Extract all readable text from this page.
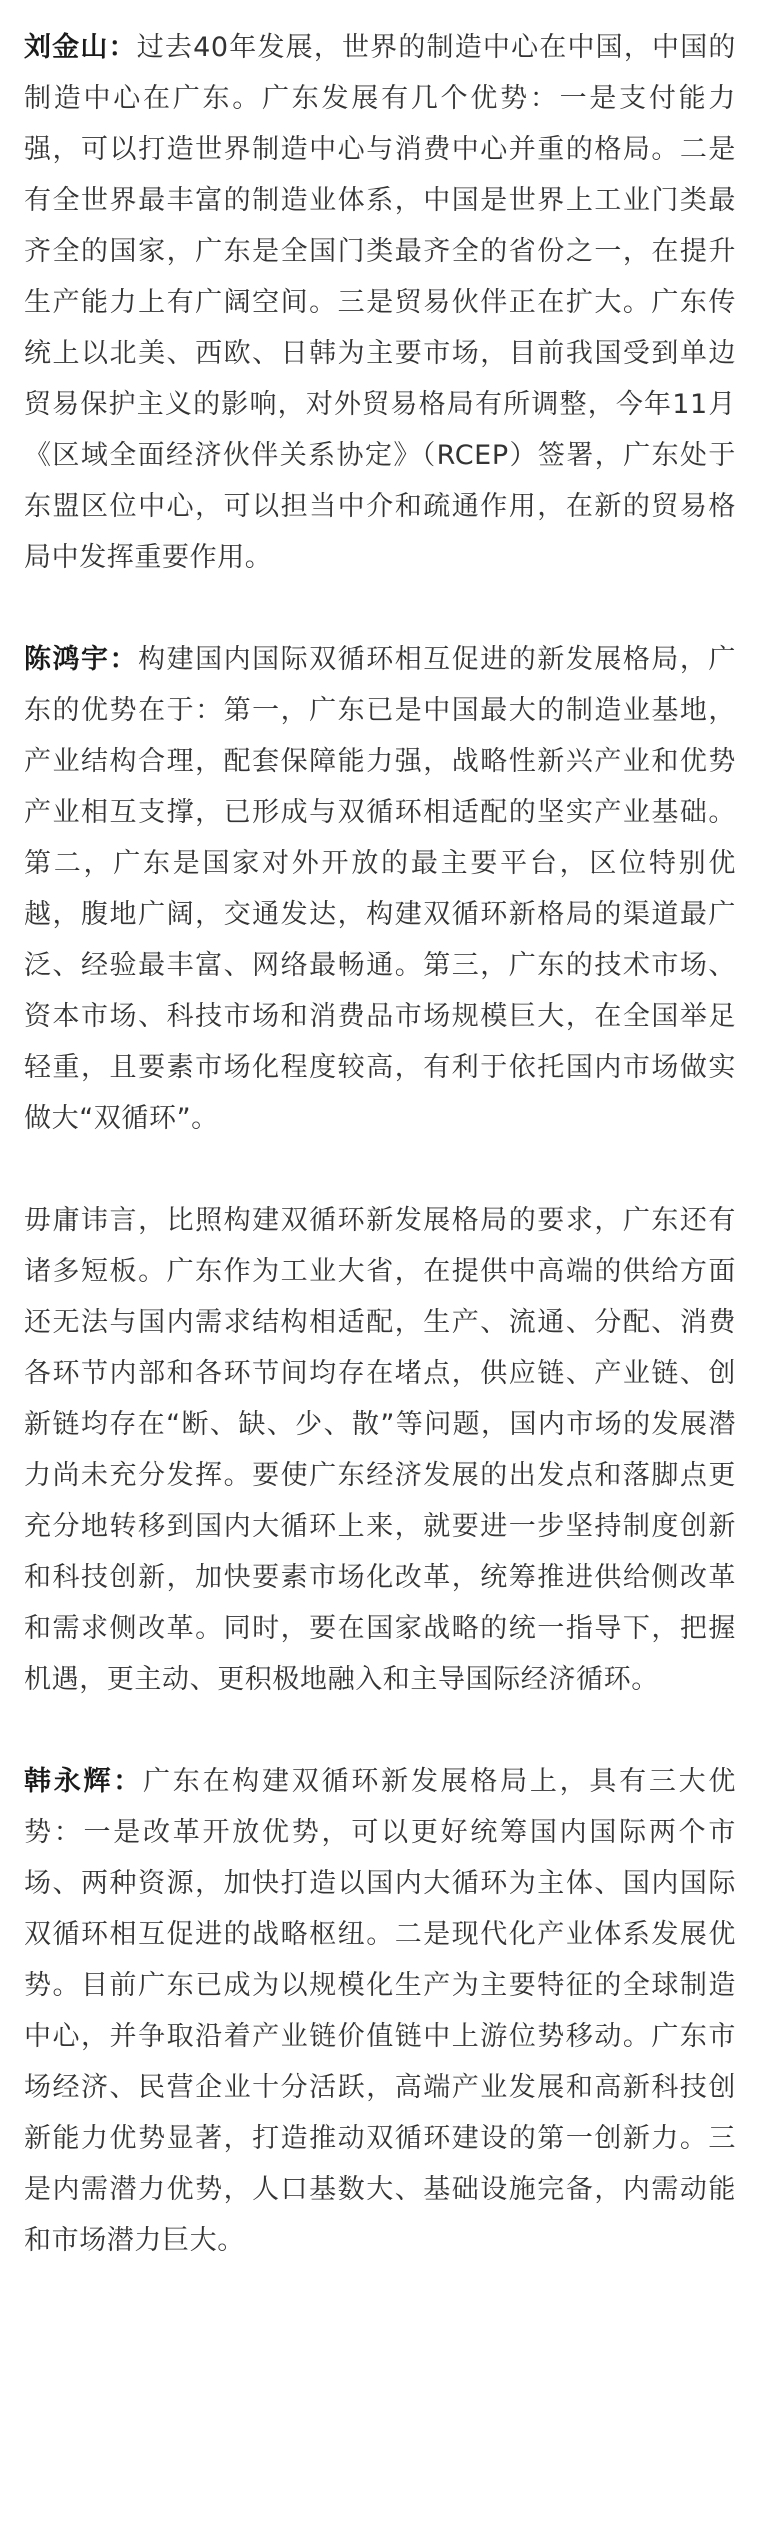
刘金山：过去40年发展，世界的制造中心在中国，中国的制造中心在广东。广东发展有几个优势：一是支付能力强，可以打造世界制造中心与消费中心并重的格局。二是有全世界最丰富的制造业体系，中国是世界上工业门类最齐全的国家，广东是全国门类最齐全的省份之一，在提升生产能力上有广阔空间。三是贸易伙伴正在扩大。广东传统上以北美、西欧、日韩为主要市场，目前我国受到单边贸易保护主义的影响，对外贸易格局有所调整，今年11月《区域全面经济伙伴关系协定》（RCEP）签署，广东处于东盟区位中心，可以担当中介和疏通作用，在新的贸易格局中发挥重要作用。

陈鸿宇：构建国内国际双循环相互促进的新发展格局，广东的优势在于：第一，广东已是中国最大的制造业基地，产业结构合理，配套保障能力强，战略性新兴产业和优势产业相互支撑，已形成与双循环相适配的坚实产业基础。第二，广东是国家对外开放的最主要平台，区位特别优越，腹地广阔，交通发达，构建双循环新格局的渠道最广泛、经验最丰富、网络最畅通。第三，广东的技术市场、资本市场、科技市场和消费品市场规模巨大，在全国举足轻重，且要素市场化程度较高，有利于依托国内市场做实做大“双循环”。

毋庸讳言，比照构建双循环新发展格局的要求，广东还有诸多短板。广东作为工业大省，在提供中高端的供给方面还无法与国内需求结构相适配，生产、流通、分配、消费各环节内部和各环节间均存在堵点，供应链、产业链、创新链均存在“断、缺、少、散”等问题，国内市场的发展潜力尚未充分发挥。要使广东经济发展的出发点和落脚点更充分地转移到国内大循环上来，就要进一步坚持制度创新和科技创新，加快要素市场化改革，统筹推进供给侧改革和需求侧改革。同时，要在国家战略的统一指导下，把握机遇，更主动、更积极地融入和主导国际经济循环。

韩永辉：广东在构建双循环新发展格局上，具有三大优势：一是改革开放优势，可以更好统筹国内国际两个市场、两种资源，加快打造以国内大循环为主体、国内国际双循环相互促进的战略枢纽。二是现代化产业体系发展优势。目前广东已成为以规模化生产为主要特征的全球制造中心，并争取沿着产业链价值链中上游位势移动。广东市场经济、民营企业十分活跃，高端产业发展和高新科技创新能力优势显著，打造推动双循环建设的第一创新力。三是内需潜力优势，人口基数大、基础设施完备，内需动能和市场潜力巨大。
